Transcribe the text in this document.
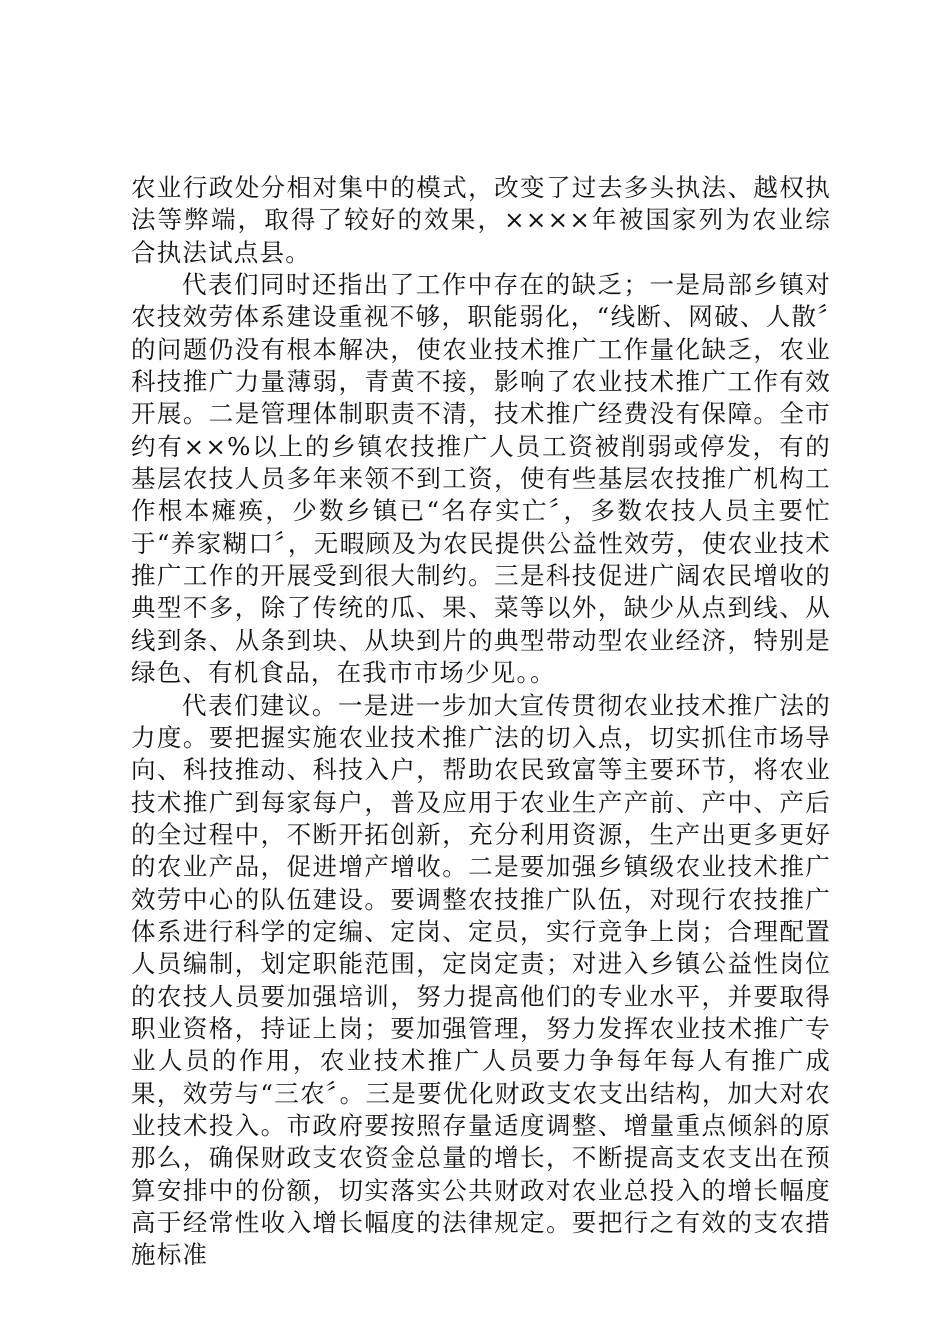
农业行政处分相对集中的模式，改变了过去多头执法、越权执法等弊端，取得了较好的效果，××××年被国家列为农业综合执法试点县。

代表们同时还指出了工作中存在的缺乏；一是局部乡镇对农技效劳体系建设重视不够，职能弱化，“线断、网破、人散〞的问题仍没有根本解决，使农业技术推广工作量化缺乏，农业科技推广力量薄弱，青黄不接，影响了农业技术推广工作有效开展。二是管理体制职责不清，技术推广经费没有保障。全市约有××%以上的乡镇农技推广人员工资被削弱或停发，有的基层农技人员多年来领不到工资，使有些基层农技推广机构工作根本瘫痪，少数乡镇已“名存实亡〞，多数农技人员主要忙于“养家糊口〞，无暇顾及为农民提供公益性效劳，使农业技术推广工作的开展受到很大制约。三是科技促进广阔农民增收的典型不多，除了传统的瓜、果、菜等以外，缺少从点到线、从线到条、从条到块、从块到片的典型带动型农业经济，特别是绿色、有机食品，在我市市场少见。。

代表们建议。一是进一步加大宣传贯彻农业技术推广法的力度。要把握实施农业技术推广法的切入点，切实抓住市场导向、科技推动、科技入户，帮助农民致富等主要环节，将农业技术推广到每家每户，普及应用于农业生产产前、产中、产后的全过程中，不断开拓创新，充分利用资源，生产出更多更好的农业产品，促进增产增收。二是要加强乡镇级农业技术推广效劳中心的队伍建设。要调整农技推广队伍，对现行农技推广体系进行科学的定编、定岗、定员，实行竞争上岗；合理配置人员编制，划定职能范围，定岗定责；对进入乡镇公益性岗位的农技人员要加强培训，努力提高他们的专业水平，并要取得职业资格，持证上岗；要加强管理，努力发挥农业技术推广专业人员的作用，农业技术推广人员要力争每年每人有推广成果，效劳与“三农〞。三是要优化财政支农支出结构，加大对农业技术投入。市政府要按照存量适度调整、增量重点倾斜的原那么，确保财政支农资金总量的增长，不断提高支农支出在预算安排中的份额，切实落实公共财政对农业总投入的增长幅度高于经常性收入增长幅度的法律规定。要把行之有效的支农措施标准
